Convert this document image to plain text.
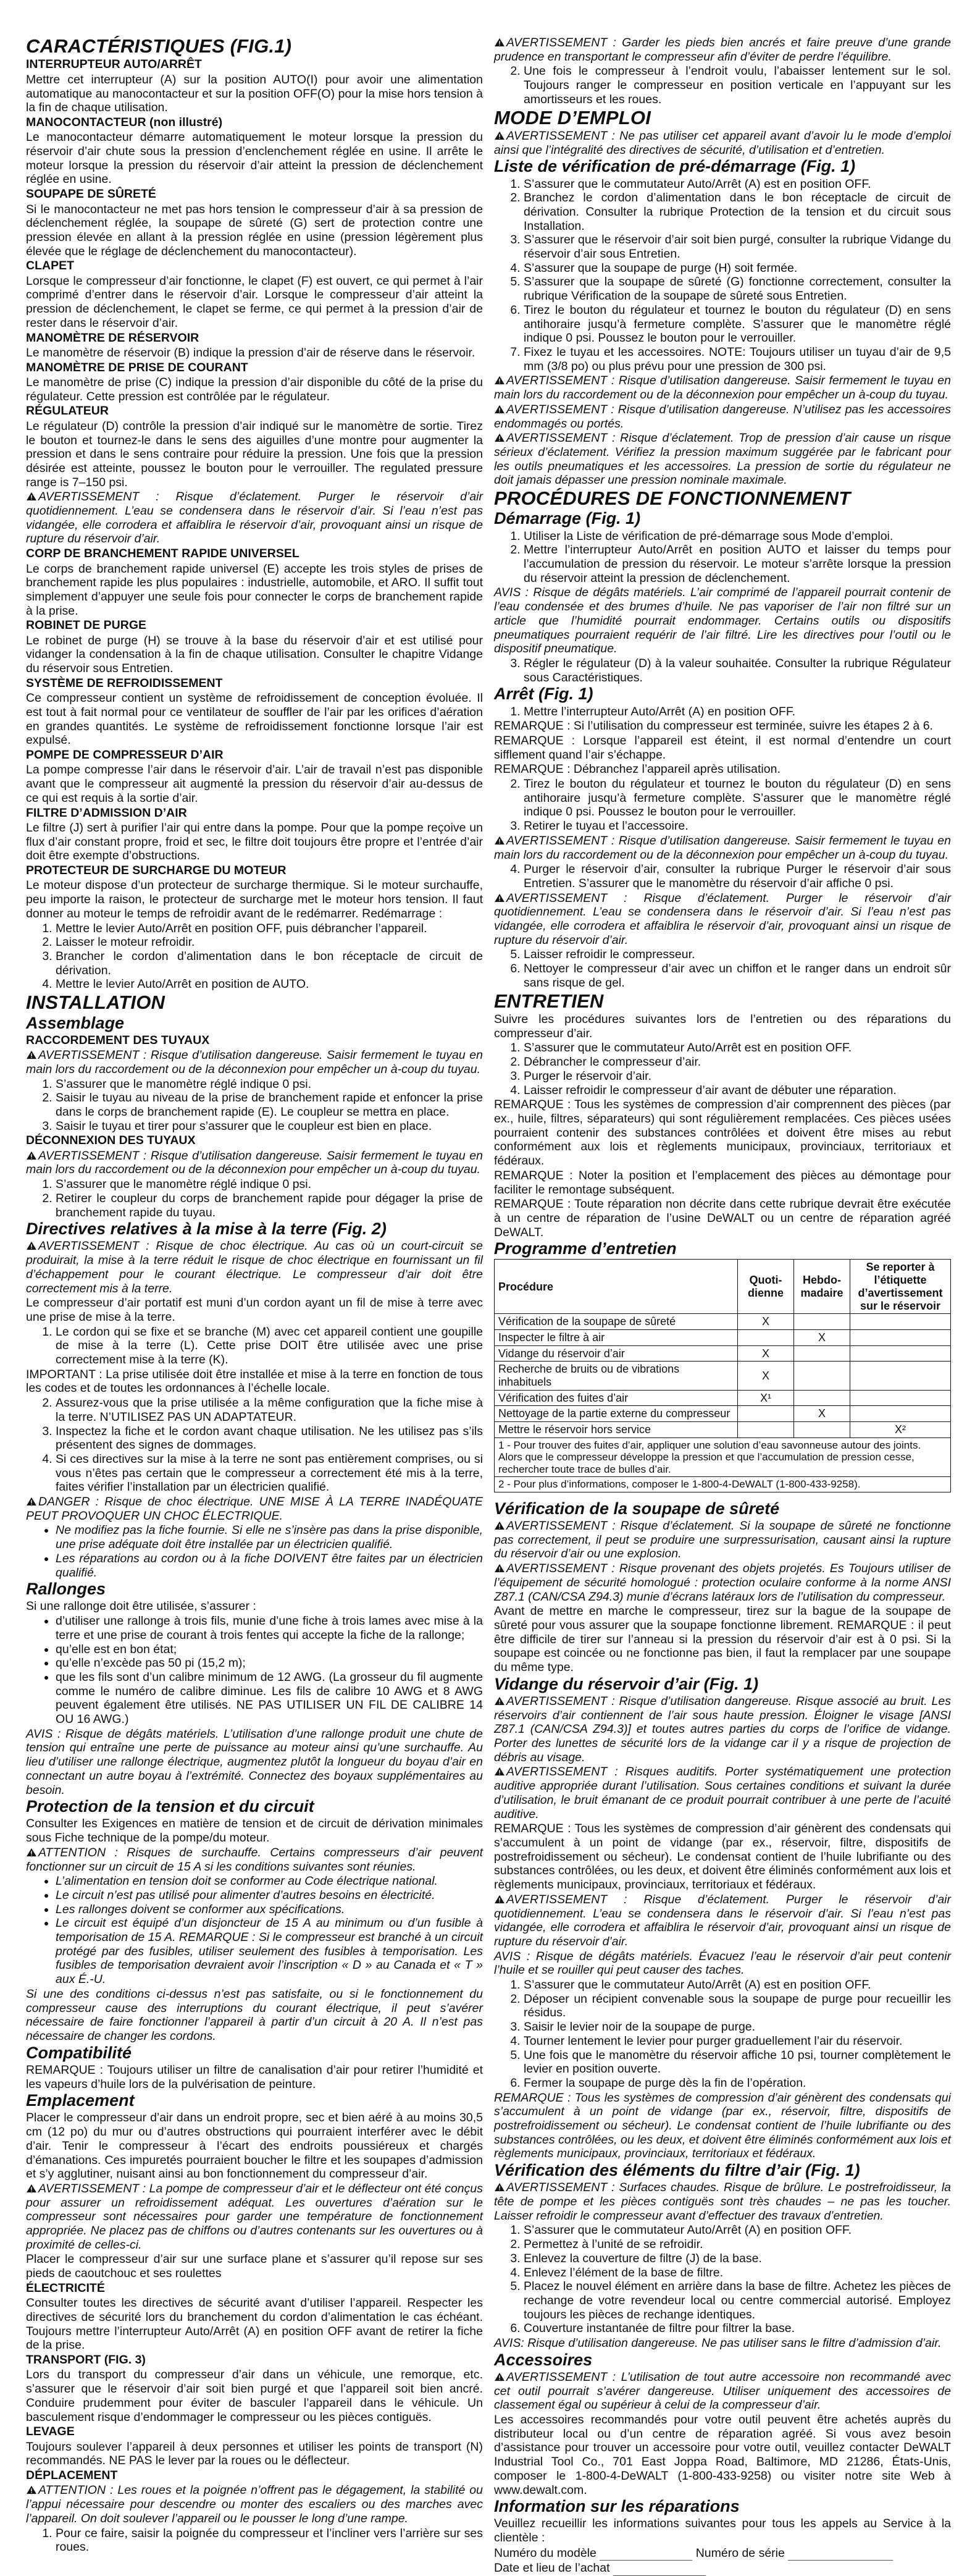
CARACTÉRISTIQUES (FIG.1)
INTERRUPTEUR AUTO/ARRÊT

Mettre cet interrupteur (A) sur la position AUTO(I) pour avoir une alimentation automatique au manocontacteur et sur la position OFF(O) pour la mise hors tension à la fin de chaque utilisation.

MANOCONTACTEUR (non illustré)

Le manocontacteur démarre automatiquement le moteur lorsque la pression du réservoir d’air chute sous la pression d’enclenchement réglée en usine. Il arrête le moteur lorsque la pression du réservoir d’air atteint la pression de déclenchement réglée en usine.

SOUPAPE DE SÛRETÉ

Si le manocontacteur ne met pas hors tension le compresseur d’air à sa pression de déclenchement réglée, la soupape de sûreté (G) sert de protection contre une pression élevée en allant à la pression réglée en usine (pression légèrement plus élevée que le réglage de déclenchement du manocontacteur).

CLAPET

Lorsque le compresseur d’air fonctionne, le clapet (F) est ouvert, ce qui permet à l’air comprimé d’entrer dans le réservoir d’air. Lorsque le compresseur d’air atteint la pression de déclenchement, le clapet se ferme, ce qui permet à la pression d’air de rester dans le réservoir d’air.

MANOMÈTRE DE RÉSERVOIR

Le manomètre de réservoir (B) indique la pression d’air de réserve dans le réservoir.

MANOMÈTRE DE PRISE DE COURANT

Le manomètre de prise (C) indique la pression d’air disponible du côté de la prise du régulateur. Cette pression est contrôlée par le régulateur.

RÉGULATEUR

Le régulateur (D) contrôle la pression d’air indiqué sur le manomètre de sortie. Tirez le bouton et tournez-le dans le sens des aiguilles d’une montre pour augmenter la pression et dans le sens contraire pour réduire la pression. Une fois que la pression désirée est atteinte, poussez le bouton pour le verrouiller. The regulated pressure range is 7–150 psi.

AVERTISSEMENT : Risque d’éclatement. Purger le réservoir d’air quotidiennement. L’eau se condensera dans le réservoir d’air. Si l’eau n’est pas vidangée, elle corrodera et affaiblira le réservoir d’air, provoquant ainsi un risque de rupture du réservoir d’air.

CORP DE BRANCHEMENT RAPIDE UNIVERSEL

Le corps de branchement rapide universel (E) accepte les trois styles de prises de branchement rapide les plus populaires : industrielle, automobile, et ARO. Il suffit tout simplement d’appuyer une seule fois pour connecter le corps de branchement rapide à la prise.

ROBINET DE PURGE

Le robinet de purge (H) se trouve à la base du réservoir d’air et est utilisé pour vidanger la condensation à la fin de chaque utilisation. Consulter le chapitre Vidange du réservoir sous Entretien.

SYSTÈME DE REFROIDISSEMENT

Ce compresseur contient un système de refroidissement de conception évoluée. Il est tout à fait normal pour ce ventilateur de souffler de l’air par les orifices d’aération en grandes quantités. Le système de refroidissement fonctionne lorsque l’air est expulsé.

POMPE DE COMPRESSEUR D’AIR

La pompe compresse l’air dans le réservoir d’air. L’air de travail n’est pas disponible avant que le compresseur ait augmenté la pression du réservoir d’air au-dessus de ce qui est requis à la sortie d’air.

FILTRE D’ADMISSION D’AIR

Le filtre (J) sert à purifier l’air qui entre dans la pompe. Pour que la pompe reçoive un flux d’air constant propre, froid et sec, le filtre doit toujours être propre et l’entrée d’air doit être exempte d’obstructions.

PROTECTEUR DE SURCHARGE DU MOTEUR

Le moteur dispose d’un protecteur de surcharge thermique. Si le moteur surchauffe, peu importe la raison, le protecteur de surcharge met le moteur hors tension. Il faut donner au moteur le temps de refroidir avant de le redémarrer. Redémarrage :

1. Mettre le levier Auto/Arrêt en position OFF, puis débrancher l’appareil.
2. Laisser le moteur refroidir.
3. Brancher le cordon d’alimentation dans le bon réceptacle de circuit de dérivation.
4. Mettre le levier Auto/Arrêt en position de AUTO.
INSTALLATION
Assemblage
RACCORDEMENT DES TUYAUX

AVERTISSEMENT : Risque d’utilisation dangereuse. Saisir fermement le tuyau en main lors du raccordement ou de la déconnexion pour empêcher un à-coup du tuyau.

1. S’assurer que le manomètre réglé indique 0 psi.
2. Saisir le tuyau au niveau de la prise de branchement rapide et enfoncer la prise dans le corps de branchement rapide (E). Le coupleur se mettra en place.
3. Saisir le tuyau et tirer pour s’assurer que le coupleur est bien en place.
DÉCONNEXION DES TUYAUX

AVERTISSEMENT : Risque d’utilisation dangereuse. Saisir fermement le tuyau en main lors du raccordement ou de la déconnexion pour empêcher un à-coup du tuyau.

1. S’assurer que le manomètre réglé indique 0 psi.
2. Retirer le coupleur du corps de branchement rapide pour dégager la prise de branchement rapide du tuyau.
Directives relatives à la mise à la terre (Fig. 2)

AVERTISSEMENT : Risque de choc électrique. Au cas où un court-circuit se produirait, la mise à la terre réduit le risque de choc électrique en fournissant un fil d’échappement pour le courant électrique. Le compresseur d’air doit être correctement mis à la terre.

Le compresseur d’air portatif est muni d’un cordon ayant un fil de mise à terre avec une prise de mise à la terre.

1. Le cordon qui se fixe et se branche (M) avec cet appareil contient une goupille de mise à la terre (L). Cette prise DOIT être utilisée avec une prise correctement mise à la terre (K).

IMPORTANT : La prise utilisée doit être installée et mise à la terre en fonction de tous les codes et de toutes les ordonnances à l’échelle locale.

2. Assurez-vous que la prise utilisée a la même configuration que la fiche mise à la terre. N’UTILISEZ PAS UN ADAPTATEUR.
3. Inspectez la fiche et le cordon avant chaque utilisation. Ne les utilisez pas s’ils présentent des signes de dommages.
4. Si ces directives sur la mise à la terre ne sont pas entièrement comprises, ou si vous n’êtes pas certain que le compresseur a correctement été mis à la terre, faites vérifier l’installation par un électricien qualifié.

DANGER : Risque de choc électrique. UNE MISE À LA TERRE INADÉQUATE PEUT PROVOQUER UN CHOC ÉLECTRIQUE.

• Ne modifiez pas la fiche fournie. Si elle ne s’insère pas dans la prise disponible, une prise adéquate doit être installée par un électricien qualifié.
• Les réparations au cordon ou à la fiche DOIVENT être faites par un électricien qualifié.
Rallonges

Si une rallonge doit être utilisée, s’assurer :

• d’utiliser une rallonge à trois fils, munie d’une fiche à trois lames avec mise à la terre et une prise de courant à trois fentes qui accepte la fiche de la rallonge;
• qu’elle est en bon état;
• qu’elle n’excède pas 50 pi (15,2 m);
• que les fils sont d’un calibre minimum de 12 AWG. (La grosseur du fil augmente comme le numéro de calibre diminue. Les fils de calibre 10 AWG et 8 AWG peuvent également être utilisés. NE PAS UTILISER UN FIL DE CALIBRE 14 OU 16 AWG.)

AVIS : Risque de dégâts matériels. L’utilisation d’une rallonge produit une chute de tension qui entraîne une perte de puissance au moteur ainsi qu’une surchauffe. Au lieu d’utiliser une rallonge électrique, augmentez plutôt la longueur du boyau d’air en connectant un autre boyau à l’extrémité. Connectez des boyaux supplémentaires au besoin.

Protection de la tension et du circuit

Consulter les Exigences en matière de tension et de circuit de dérivation minimales sous Fiche technique de la pompe/du moteur.

ATTENTION : Risques de surchauffe. Certains compresseurs d’air peuvent fonctionner sur un circuit de 15 A si les conditions suivantes sont réunies.

• L’alimentation en tension doit se conformer au Code électrique national.
• Le circuit n’est pas utilisé pour alimenter d’autres besoins en électricité.
• Les rallonges doivent se conformer aux spécifications.
• Le circuit est équipé d’un disjoncteur de 15 A au minimum ou d’un fusible à temporisation de 15 A. REMARQUE : Si le compresseur est branché à un circuit protégé par des fusibles, utiliser seulement des fusibles à temporisation. Les fusibles de temporisation devraient avoir l’inscription « D » au Canada et « T » aux É.-U.

Si une des conditions ci-dessus n’est pas satisfaite, ou si le fonctionnement du compresseur cause des interruptions du courant électrique, il peut s’avérer nécessaire de faire fonctionner l’appareil à partir d’un circuit à 20 A. Il n’est pas nécessaire de changer les cordons.

Compatibilité

REMARQUE : Toujours utiliser un filtre de canalisation d’air pour retirer l’humidité et les vapeurs d’huile lors de la pulvérisation de peinture.

Emplacement

Placer le compresseur d’air dans un endroit propre, sec et bien aéré à au moins 30,5 cm (12 po) du mur ou d’autres obstructions qui pourraient interférer avec le débit d’air. Tenir le compresseur à l’écart des endroits poussiéreux et chargés d’émanations. Ces impuretés pourraient boucher le filtre et les soupapes d’admission et s’y agglutiner, nuisant ainsi au bon fonctionnement du compresseur d’air.

AVERTISSEMENT : La pompe de compresseur d’air et le déflecteur ont été conçus pour assurer un refroidissement adéquat. Les ouvertures d’aération sur le compresseur sont nécessaires pour garder une température de fonctionnement appropriée. Ne placez pas de chiffons ou d’autres contenants sur les ouvertures ou à proximité de celles-ci.

Placer le compresseur d’air sur une surface plane et s’assurer qu’il repose sur ses pieds de caoutchouc et ses roulettes

ÉLECTRICITÉ

Consulter toutes les directives de sécurité avant d’utiliser l’appareil. Respecter les directives de sécurité lors du branchement du cordon d’alimentation le cas échéant. Toujours mettre l’interrupteur Auto/Arrêt (A) en position OFF avant de retirer la fiche de la prise.

TRANSPORT (FIG. 3)

Lors du transport du compresseur d’air dans un véhicule, une remorque, etc. s’assurer que le réservoir d’air soit bien purgé et que l’appareil soit bien ancré. Conduire prudemment pour éviter de basculer l’appareil dans le véhicule. Un basculement risque d’endommager le compresseur ou les pièces contiguës.

LEVAGE

Toujours soulever l’appareil à deux personnes et utiliser les points de transport (N) recommandés. NE PAS le lever par la roues ou le déflecteur.

DÉPLACEMENT

ATTENTION : Les roues et la poignée n’offrent pas le dégagement, la stabilité ou l’appui nécessaire pour descendre ou monter des escaliers ou des marches avec l’appareil. On doit soulever l’appareil ou le pousser le long d’une rampe.

1. Pour ce faire, saisir la poignée du compresseur et l’incliner vers l’arrière sur ses roues.

AVERTISSEMENT : Garder les pieds bien ancrés et faire preuve d’une grande prudence en transportant le compresseur afin d’éviter de perdre l’équilibre.

2. Une fois le compresseur à l’endroit voulu, l’abaisser lentement sur le sol. Toujours ranger le compresseur en position verticale en l’appuyant sur les amortisseurs et les roues.
MODE D’EMPLOI

AVERTISSEMENT : Ne pas utiliser cet appareil avant d’avoir lu le mode d’emploi ainsi que l’intégralité des directives de sécurité, d’utilisation et d’entretien.

Liste de vérification de pré-démarrage (Fig. 1)
1. S’assurer que le commutateur Auto/Arrêt (A) est en position OFF.
2. Branchez le cordon d’alimentation dans le bon réceptacle de circuit de dérivation. Consulter la rubrique Protection de la tension et du circuit sous Installation.
3. S’assurer que le réservoir d’air soit bien purgé, consulter la rubrique Vidange du réservoir d’air sous Entretien.
4. S’assurer que la soupape de purge (H) soit fermée.
5. S’assurer que la soupape de sûreté (G) fonctionne correctement, consulter la rubrique Vérification de la soupape de sûreté sous Entretien.
6. Tirez le bouton du régulateur et tournez le bouton du régulateur (D) en sens antihoraire jusqu’à fermeture complète. S’assurer que le manomètre réglé indique 0 psi. Poussez le bouton pour le verrouiller.
7. Fixez le tuyau et les accessoires. NOTE: Toujours utiliser un tuyau d’air de 9,5 mm (3/8 po) ou plus prévu pour une pression de 300 psi.

AVERTISSEMENT : Risque d’utilisation dangereuse. Saisir fermement le tuyau en main lors du raccordement ou de la déconnexion pour empêcher un à-coup du tuyau.

AVERTISSEMENT : Risque d’utilisation dangereuse. N’utilisez pas les accessoires endommagés ou portés.

AVERTISSEMENT : Risque d’éclatement. Trop de pression d’air cause un risque sérieux d’éclatement. Vérifiez la pression maximum suggérée par le fabricant pour les outils pneumatiques et les accessoires. La pression de sortie du régulateur ne doit jamais dépasser une pression nominale maximale.

PROCÉDURES DE FONCTIONNEMENT
Démarrage (Fig. 1)
1. Utiliser la Liste de vérification de pré-démarrage sous Mode d’emploi.
2. Mettre l’interrupteur Auto/Arrêt en position AUTO et laisser du temps pour l’accumulation de pression du réservoir. Le moteur s’arrête lorsque la pression du réservoir atteint la pression de déclenchement.

AVIS : Risque de dégâts matériels. L’air comprimé de l’appareil pourrait contenir de l’eau condensée et des brumes d’huile. Ne pas vaporiser de l’air non filtré sur un article que l’humidité pourrait endommager. Certains outils ou dispositifs pneumatiques pourraient requérir de l’air filtré. Lire les directives pour l’outil ou le dispositif pneumatique.

3. Régler le régulateur (D) à la valeur souhaitée. Consulter la rubrique Régulateur sous Caractéristiques.
Arrêt (Fig. 1)
1. Mettre l’interrupteur Auto/Arrêt (A) en position OFF.

REMARQUE : Si l’utilisation du compresseur est terminée, suivre les étapes 2 à 6.

REMARQUE : Lorsque l’appareil est éteint, il est normal d’entendre un court sifflement quand l’air s’échappe.

REMARQUE : Débranchez l’appareil après utilisation.

2. Tirez le bouton du régulateur et tournez le bouton du régulateur (D) en sens antihoraire jusqu’à fermeture complète. S’assurer que le manomètre réglé indique 0 psi. Poussez le bouton pour le verrouiller.
3. Retirer le tuyau et l’accessoire.

AVERTISSEMENT : Risque d’utilisation dangereuse. Saisir fermement le tuyau en main lors du raccordement ou de la déconnexion pour empêcher un à-coup du tuyau.

4. Purger le réservoir d’air, consulter la rubrique Purger le réservoir d’air sous Entretien. S’assurer que le manomètre du réservoir d’air affiche 0 psi.

AVERTISSEMENT : Risque d’éclatement. Purger le réservoir d’air quotidiennement. L’eau se condensera dans le réservoir d’air. Si l’eau n’est pas vidangée, elle corrodera et affaiblira le réservoir d’air, provoquant ainsi un risque de rupture du réservoir d’air.

5. Laisser refroidir le compresseur.
6. Nettoyer le compresseur d’air avec un chiffon et le ranger dans un endroit sûr sans risque de gel.
ENTRETIEN

Suivre les procédures suivantes lors de l’entretien ou des réparations du compresseur d’air.

1. S’assurer que le commutateur Auto/Arrêt est en position OFF.
2. Débrancher le compresseur d’air.
3. Purger le réservoir d’air.
4. Laisser refroidir le compresseur d’air avant de débuter une réparation.

REMARQUE : Tous les systèmes de compression d’air comprennent des pièces (par ex., huile, filtres, séparateurs) qui sont régulièrement remplacées. Ces pièces usées pourraient contenir des substances contrôlées et doivent être mises au rebut conformément aux lois et règlements municipaux, provinciaux, territoriaux et fédéraux.

REMARQUE : Noter la position et l’emplacement des pièces au démontage pour faciliter le remontage subséquent.

REMARQUE : Toute réparation non décrite dans cette rubrique devrait être exécutée à un centre de réparation de l’usine DeWALT ou un centre de réparation agréé DeWALT.

Programme d’entretien
Procédure	Quoti-dienne	Hebdo-madaire	Se reporter à l’étiquette d’avertissement sur le réservoir
Vérification de la soupape de sûreté	X		
Inspecter le filtre à air		X	
Vidange du réservoir d’air	X		
Recherche de bruits ou de vibrations inhabituels	X		
Vérification des fuites d’air	X¹		
Nettoyage de la partie externe du compresseur		X	
Mettre le réservoir hors service			X²
1 - Pour trouver des fuites d’air, appliquer une solution d’eau savonneuse autour des joints. Alors que le compresseur développe la pression et que l’accumulation de pression cesse, rechercher toute trace de bulles d’air.			
2 - Pour plus d’informations, composer le 1-800-4-DeWALT (1-800-433-9258).			
Vérification de la soupape de sûreté

AVERTISSEMENT : Risque d’éclatement. Si la soupape de sûreté ne fonctionne pas correctement, il peut se produire une surpressurisation, causant ainsi la rupture du réservoir d’air ou une explosion.

AVERTISSEMENT : Risque provenant des objets projetés. Es Toujours utiliser de l’équipement de sécurité homologué : protection oculaire conforme à la norme ANSI Z87.1 (CAN/CSA Z94.3) munie d’écrans latéraux lors de l’utilisation du compresseur.

Avant de mettre en marche le compresseur, tirez sur la bague de la soupape de sûreté pour vous assurer que la soupape fonctionne librement. REMARQUE : il peut être difficile de tirer sur l’anneau si la pression du réservoir d’air est à 0 psi. Si la soupape est coincée ou ne fonctionne pas bien, il faut la remplacer par une soupape du même type.

Vidange du réservoir d’air (Fig. 1)

AVERTISSEMENT : Risque d’utilisation dangereuse. Risque associé au bruit. Les réservoirs d’air contiennent de l’air sous haute pression. Éloigner le visage [ANSI Z87.1 (CAN/CSA Z94.3)] et toutes autres parties du corps de l’orifice de vidange. Porter des lunettes de sécurité lors de la vidange car il y a risque de projection de débris au visage.

AVERTISSEMENT : Risques auditifs. Porter systématiquement une protection auditive appropriée durant l’utilisation. Sous certaines conditions et suivant la durée d’utilisation, le bruit émanant de ce produit pourrait contribuer à une perte de l’acuité auditive.

REMARQUE : Tous les systèmes de compression d’air génèrent des condensats qui s’accumulent à un point de vidange (par ex., réservoir, filtre, dispositifs de postrefroidissement ou sécheur). Le condensat contient de l’huile lubrifiante ou des substances contrôlées, ou les deux, et doivent être éliminés conformément aux lois et règlements municipaux, provinciaux, territoriaux et fédéraux.

AVERTISSEMENT : Risque d’éclatement. Purger le réservoir d’air quotidiennement. L’eau se condensera dans le réservoir d’air. Si l’eau n’est pas vidangée, elle corrodera et affaiblira le réservoir d’air, provoquant ainsi un risque de rupture du réservoir d’air.

AVIS : Risque de dégâts matériels. Évacuez l’eau le réservoir d’air peut contenir l’huile et se rouiller qui peut causer des taches.

1. S’assurer que le commutateur Auto/Arrêt (A) est en position OFF.
2. Déposer un récipient convenable sous la soupape de purge pour recueillir les résidus.
3. Saisir le levier noir de la soupape de purge.
4. Tourner lentement le levier pour purger graduellement l’air du réservoir.
5. Une fois que le manomètre du réservoir affiche 10 psi, tourner complètement le levier en position ouverte.
6. Fermer la soupape de purge dès la fin de l’opération.

REMARQUE : Tous les systèmes de compression d’air génèrent des condensats qui s’accumulent à un point de vidange (par ex., réservoir, filtre, dispositifs de postrefroidissement ou sécheur). Le condensat contient de l’huile lubrifiante ou des substances contrôlées, ou les deux, et doivent être éliminés conformément aux lois et règlements municipaux, provinciaux, territoriaux et fédéraux.

Vérification des éléments du filtre d’air (Fig. 1)

AVERTISSEMENT : Surfaces chaudes. Risque de brûlure. Le postrefroidisseur, la tête de pompe et les pièces contiguës sont très chaudes – ne pas les toucher. Laisser refroidir le compresseur avant d’effectuer des travaux d’entretien.

1. S’assurer que le commutateur Auto/Arrêt (A) en position OFF.
2. Permettez à l’unité de se refroidir.
3. Enlevez la couverture de filtre (J) de la base.
4. Enlevez l’élément de la base de filtre.
5. Placez le nouvel élément en arrière dans la base de filtre. Achetez les pièces de rechange de votre revendeur local ou centre commercial autorisé. Employez toujours les pièces de rechange identiques.
6. Couverture instantanée de filtre pour filtrer la base.

AVIS: Risque d’utilisation dangereuse. Ne pas utiliser sans le filtre d’admission d’air.

Accessoires

AVERTISSEMENT : L’utilisation de tout autre accessoire non recommandé avec cet outil pourrait s’avérer dangereuse. Utiliser uniquement des accessoires de classement égal ou supérieur à celui de la compresseur d’air.

Les accessoires recommandés pour votre outil peuvent être achetés auprès du distributeur local ou d’un centre de réparation agréé. Si vous avez besoin d’assistance pour trouver un accessoire pour votre outil, veuillez contacter DeWALT Industrial Tool Co., 701 East Joppa Road, Baltimore, MD 21286, États-Unis, composer le 1-800-4-DeWALT (1-800-433-9258) ou visiter notre site Web à www.dewalt.com.

Information sur les réparations

Veuillez recueillir les informations suivantes pour tous les appels au Service à la clientèle :

Numéro du modèle	Numéro de série
Date et lieu de l’achat
